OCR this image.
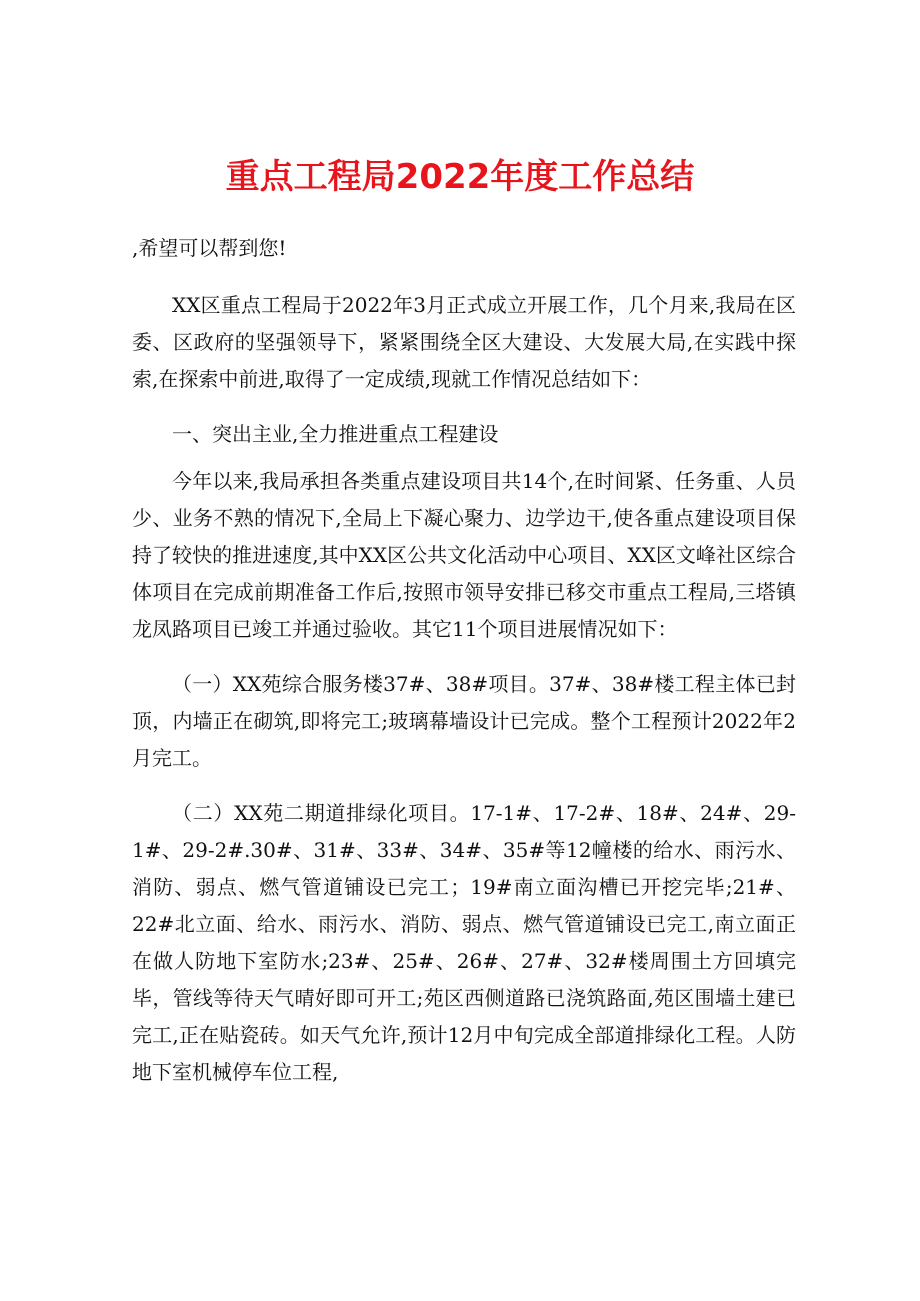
重点工程局2022年度工作总结

,希望可以帮到您!

XX区重点工程局于2022年3月正式成立开展工作，几个月来,我局在区委、区政府的坚强领导下，紧紧围绕全区大建设、大发展大局,在实践中探索,在探索中前进,取得了一定成绩,现就工作情况总结如下：

一、突出主业,全力推进重点工程建设

今年以来,我局承担各类重点建设项目共14个,在时间紧、任务重、人员少、业务不熟的情况下,全局上下凝心聚力、边学边干,使各重点建设项目保持了较快的推进速度,其中XX区公共文化活动中心项目、XX区文峰社区综合体项目在完成前期准备工作后,按照市领导安排已移交市重点工程局,三塔镇龙凤路项目已竣工并通过验收。其它11个项目进展情况如下：

（一）XX苑综合服务楼37#、38#项目。37#、38#楼工程主体已封顶，内墙正在砌筑,即将完工;玻璃幕墙设计已完成。整个工程预计2022年2月完工。

（二）XX苑二期道排绿化项目。17-1#、17-2#、18#、24#、29-1#、29-2#.30#、31#、33#、34#、35#等12幢楼的给水、雨污水、消防、弱点、燃气管道铺设已完工；19#南立面沟槽已开挖完毕;21#、22#北立面、给水、雨污水、消防、弱点、燃气管道铺设已完工,南立面正在做人防地下室防水;23#、25#、26#、27#、32#楼周围土方回填完毕，管线等待天气晴好即可开工;苑区西侧道路已浇筑路面,苑区围墙土建已完工,正在贴瓷砖。如天气允许,预计12月中旬完成全部道排绿化工程。人防地下室机械停车位工程,
